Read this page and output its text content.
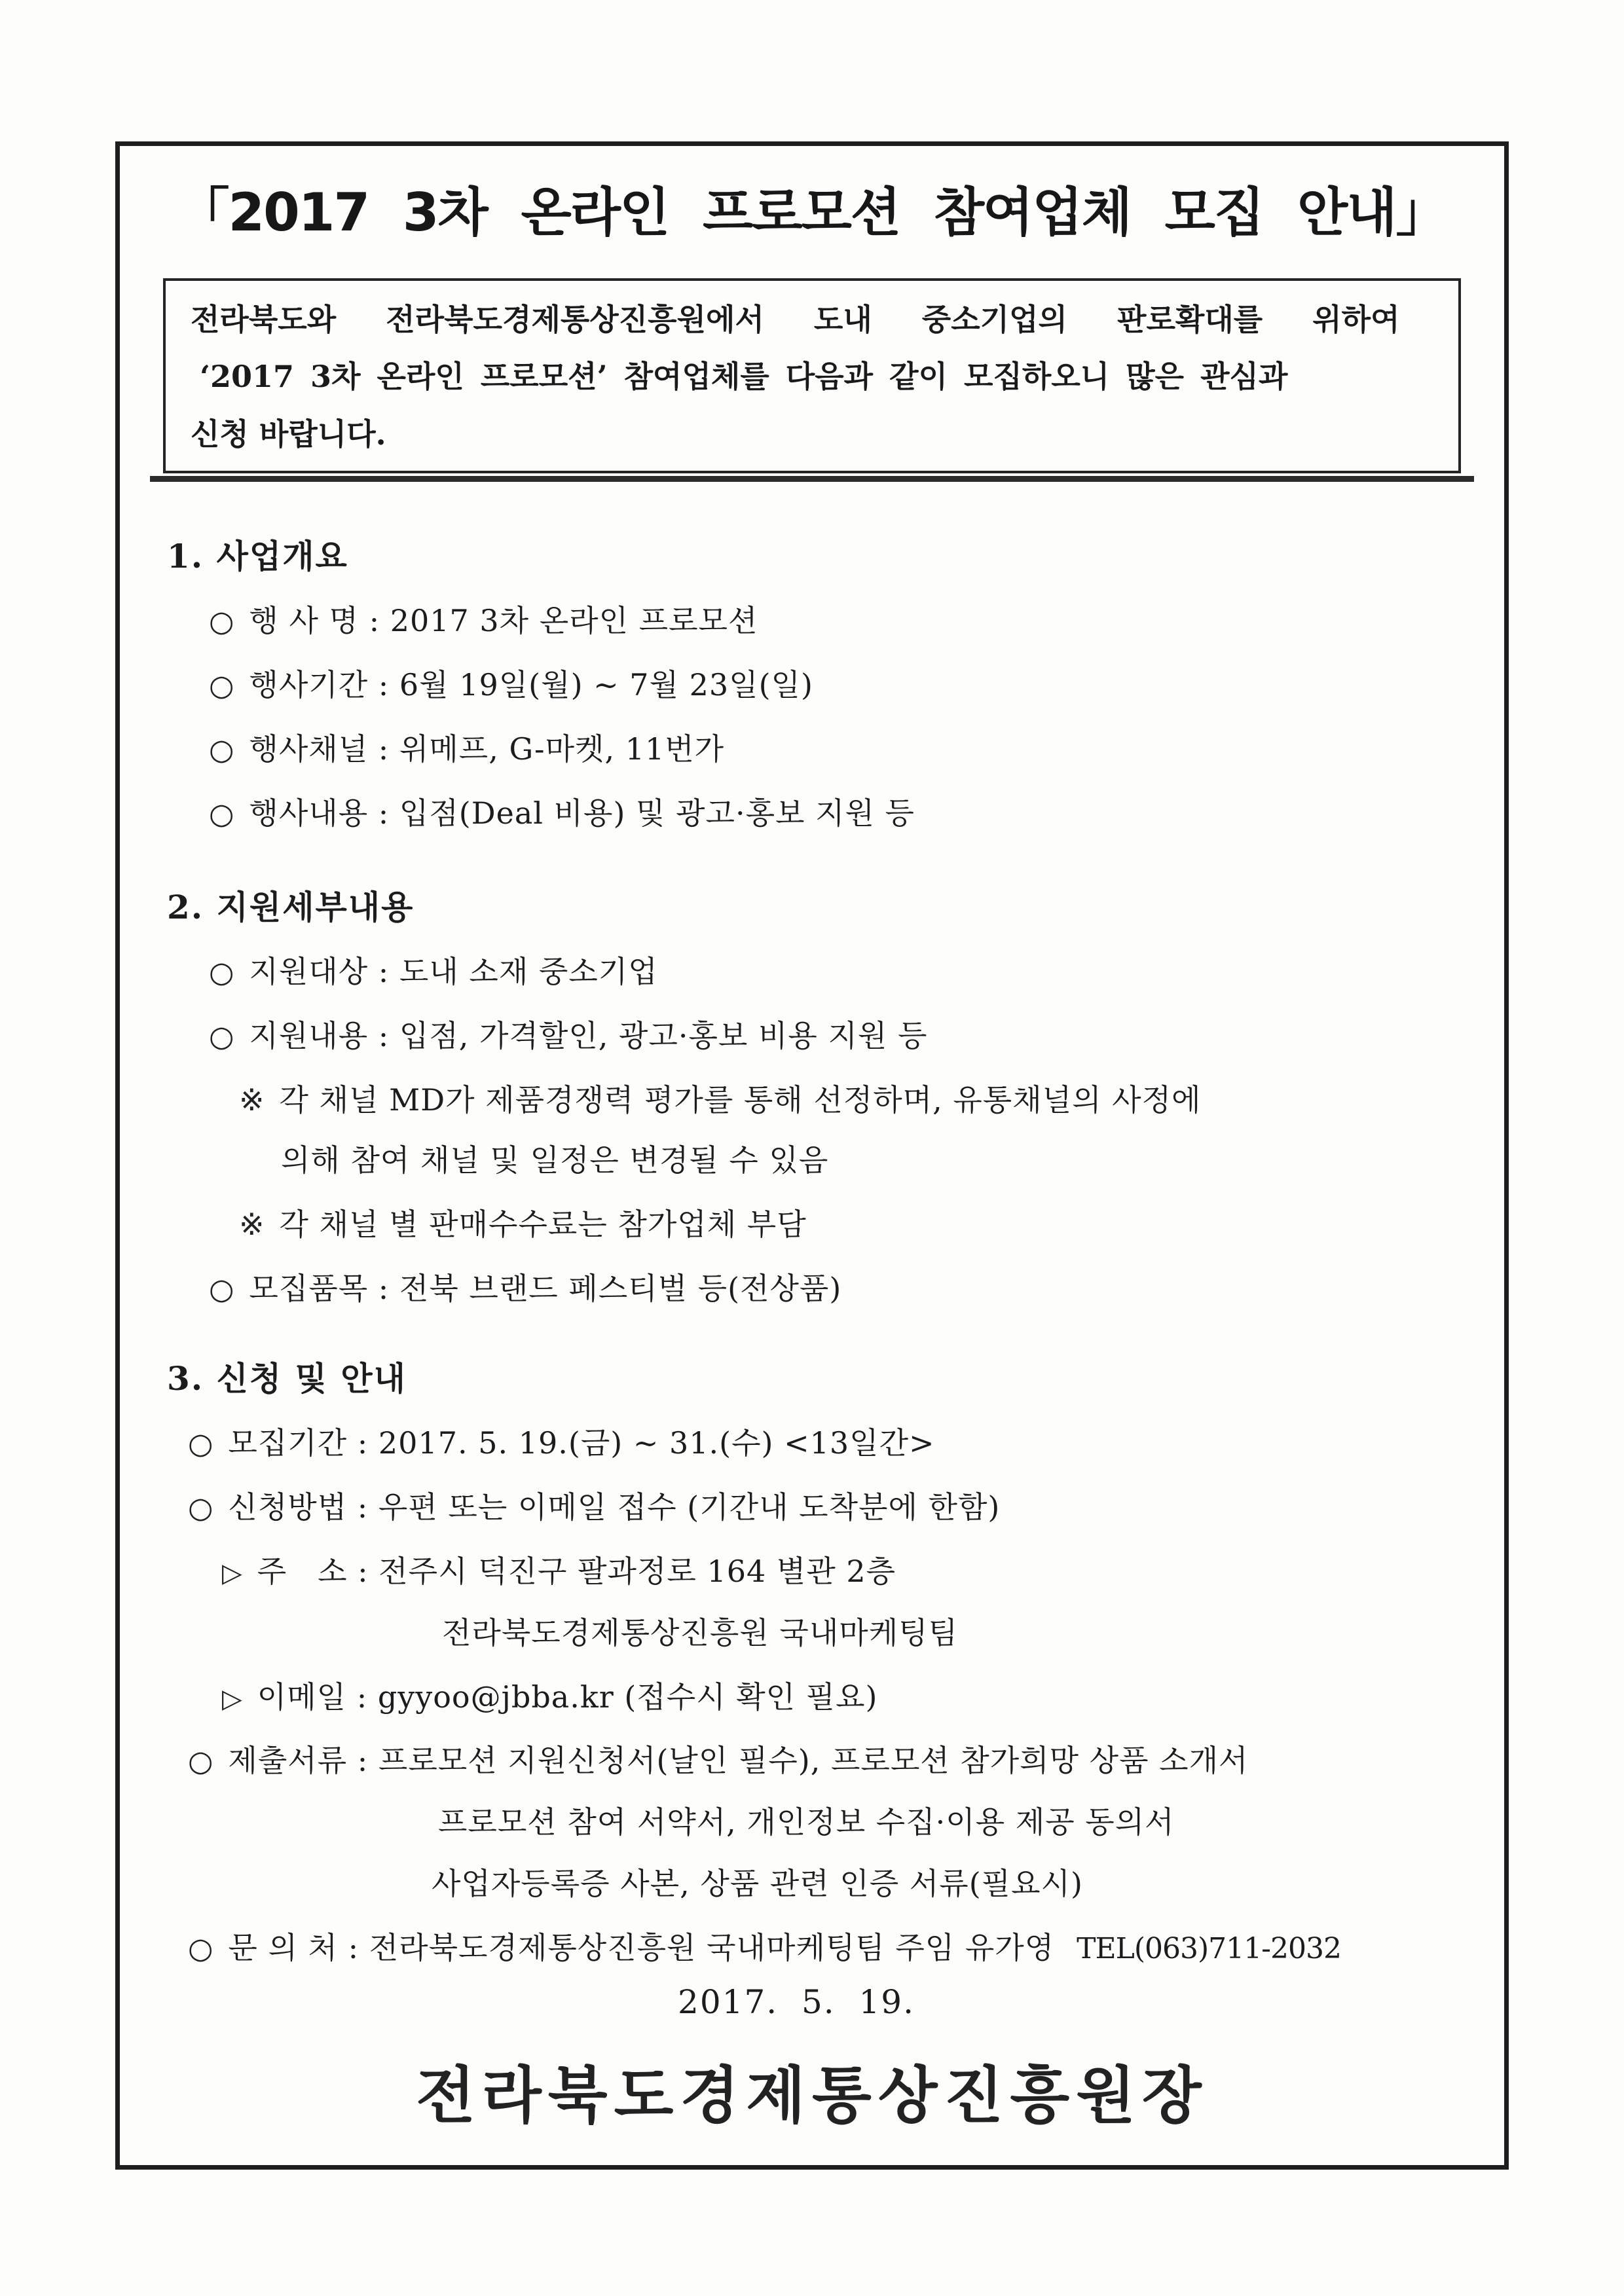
「2017  3차  온라인  프로모션  참여업체  모집  안내」
전라북도와  전라북도경제통상진흥원에서  도내  중소기업의  판로확대를  위하여
‘2017 3차 온라인 프로모션’ 참여업체를 다음과 같이 모집하오니 많은 관심과
신청 바랍니다.
1. 사업개요
○ 행 사 명 : 2017 3차 온라인 프로모션
○ 행사기간 : 6월 19일(월) ~ 7월 23일(일)
○ 행사채널 : 위메프, G-마켓, 11번가
○ 행사내용 : 입점(Deal 비용) 및 광고·홍보 지원 등
2. 지원세부내용
○ 지원대상 : 도내 소재 중소기업
○ 지원내용 : 입점, 가격할인, 광고·홍보 비용 지원 등
※ 각 채널 MD가 제품경쟁력 평가를 통해 선정하며, 유통채널의 사정에
의해 참여 채널 및 일정은 변경될 수 있음
※ 각 채널 별 판매수수료는 참가업체 부담
○ 모집품목 : 전북 브랜드 페스티벌 등(전상품)
3. 신청 및 안내
○ 모집기간 : 2017. 5. 19.(금) ~ 31.(수) <13일간>
○ 신청방법 : 우편 또는 이메일 접수 (기간내 도착분에 한함)
▷ 주   소 : 전주시 덕진구 팔과정로 164 별관 2층
전라북도경제통상진흥원 국내마케팅팀
▷ 이메일 : gyyoo@jbba.kr (접수시 확인 필요)
○ 제출서류 : 프로모션 지원신청서(날인 필수), 프로모션 참가희망 상품 소개서
프로모션 참여 서약서, 개인정보 수집·이용 제공 동의서
사업자등록증 사본, 상품 관련 인증 서류(필요시)
○ 문 의 처 : 전라북도경제통상진흥원 국내마케팅팀 주임 유가영 TEL(063)711-2032
2017.  5.  19.
전라북도경제통상진흥원장
